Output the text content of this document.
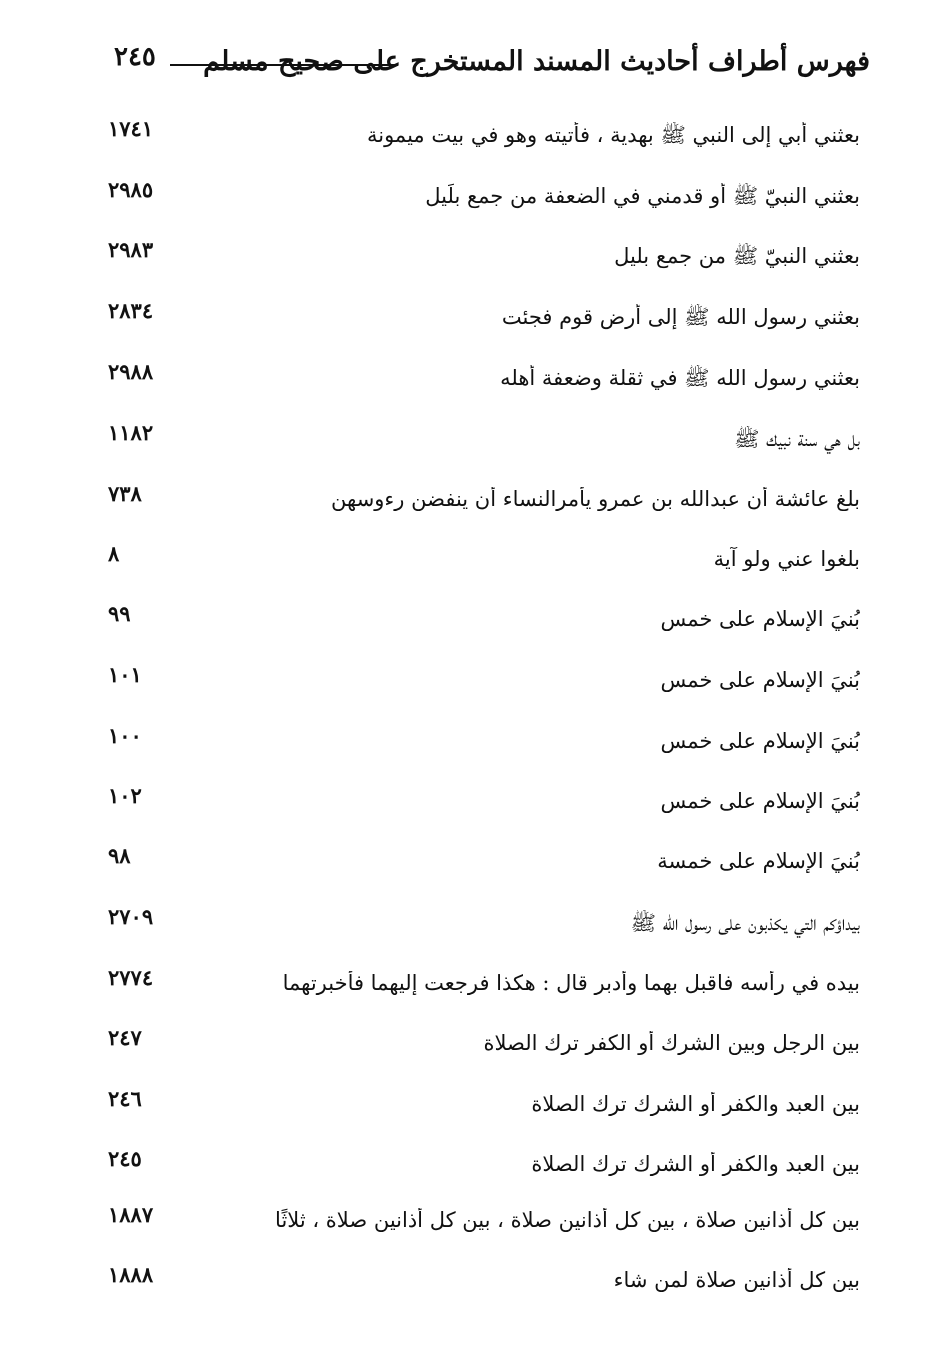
فهرس أطراف أحاديث المسند المستخرج على صحيح مسلم
٢٤٥
بعثني أبي إلى النبي ﷺ بهدية ، فأتيته وهو في بيت ميمونة
١٧٤١
بعثني النبيّ ﷺ أو قدمني في الضعفة من جمع بلَيل
٢٩٨٥
بعثني النبيّ ﷺ من جمع بليل
٢٩٨٣
بعثني رسول الله ﷺ إلى أرض قوم فجئت
٢٨٣٤
بعثني رسول الله ﷺ في ثقلة وضعفة أهله
٢٩٨٨
بل هي سنة نبيك ﷺ
١١٨٢
بلغ عائشة أن عبدالله بن عمرو يأمرالنساء أن ينفضن رءوسهن
٧٣٨
بلغوا عني ولو آية
٨
بُنيَ الإسلام على خمس
٩٩
بُنيَ الإسلام على خمس
١٠١
بُنيَ الإسلام على خمس
١٠٠
بُنيَ الإسلام على خمس
١٠٢
بُنيَ الإسلام على خمسة
٩٨
بيداؤكم التي يكذبون على رسول الله ﷺ
٢٧٠٩
بيده في رأسه فاقبل بهما وأدبر قال : هكذا فرجعت إليهما فأخبرتهما
٢٧٧٤
بين الرجل وبين الشرك أو الكفر ترك الصلاة
٢٤٧
بين العبد والكفر أو الشرك ترك الصلاة
٢٤٦
بين العبد والكفر أو الشرك ترك الصلاة
٢٤٥
بين كل أذانين صلاة ، بين كل أذانين صلاة ، بين كل أذانين صلاة ، ثلاثًا
١٨٨٧
بين كل أذانين صلاة لمن شاء
١٨٨٨
